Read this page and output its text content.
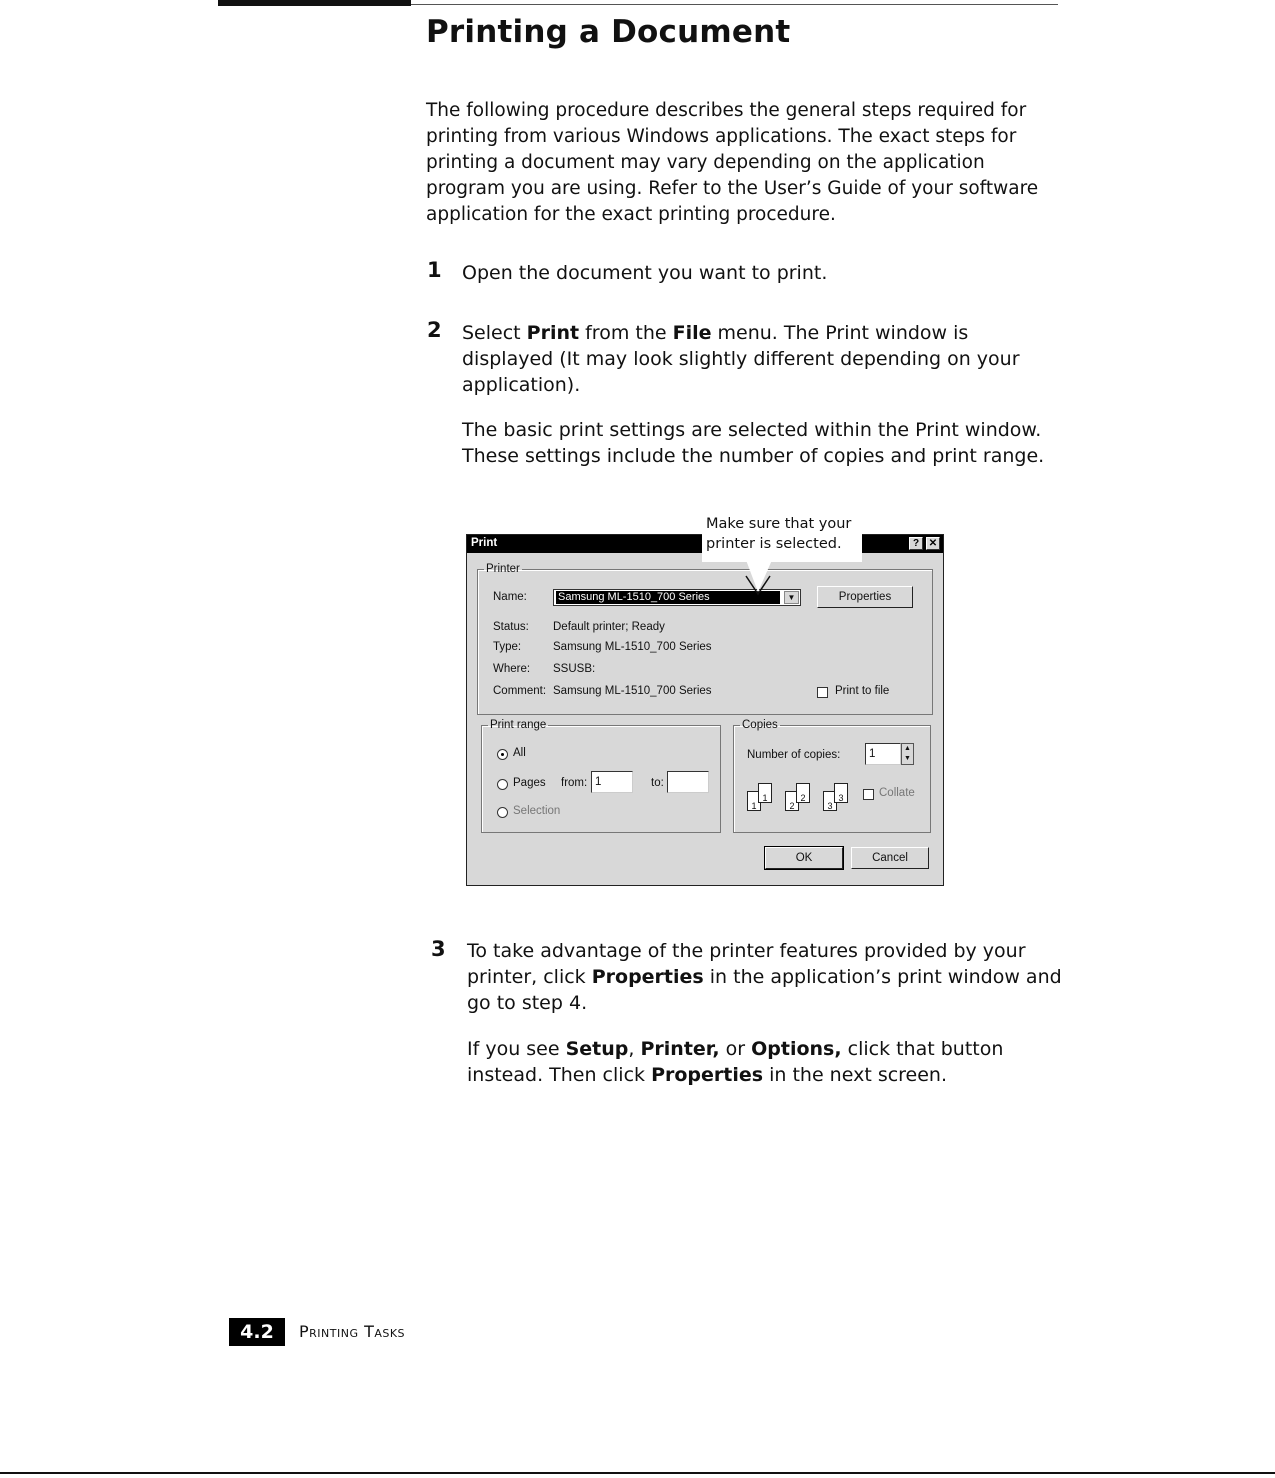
Printing a Document

The following procedure describes the general steps required for printing from various Windows applications. The exact steps for printing a document may vary depending on the application program you are using. Refer to the User’s Guide of your software application for the exact printing procedure.

1 Open the document you want to print.

2 Select Print from the File menu. The Print window is displayed (It may look slightly different depending on your application).

The basic print settings are selected within the Print window. These settings include the number of copies and print range.

Print	? ✕
Printer
Name:	Samsung ML-1510_700 Series	▼	Properties
Status: Default printer; Ready
Type:	Samsung ML-1510_700 Series
Where: SSUSB:
Comment: Samsung ML-1510_700 Series	Print to file
Print range
All
Pages from: 1	to:
Selection
Copies
Number of copies:	1	▲
▼
1
1
2
2
3
3	Collate
OK	Cancel

Make sure that your

printer is selected.

3 To take advantage of the printer features provided by your printer, click Properties in the application’s print window and go to step 4.

If you see Setup, Printer, or Options, click that button instead. Then click Properties in the next screen.

4.2	Printing Tasks
